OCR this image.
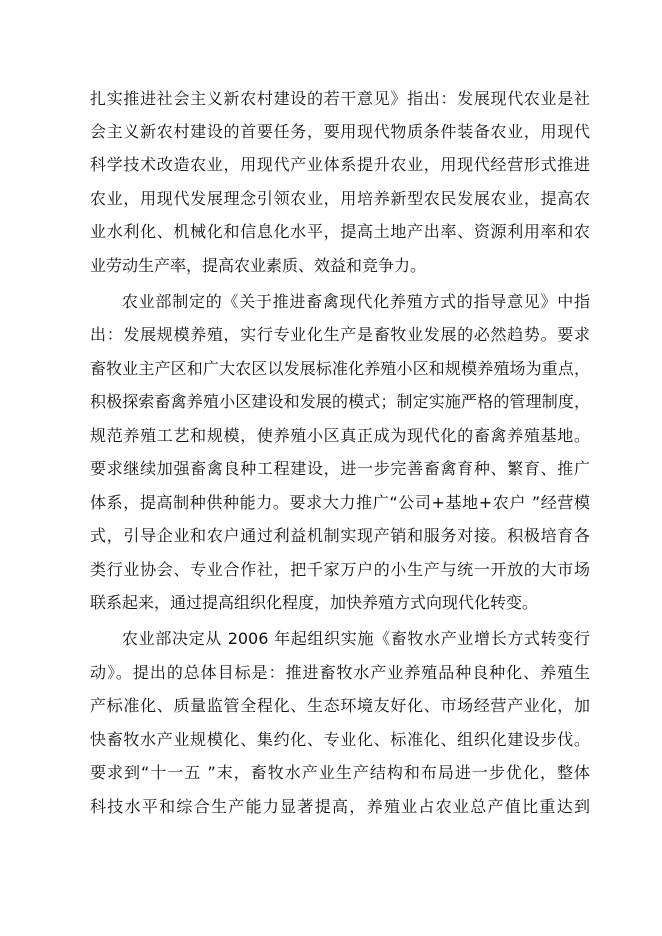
扎实推进社会主义新农村建设的若干意见》指出：发展现代农业是社
会主义新农村建设的首要任务，要用现代物质条件装备农业，用现代
科学技术改造农业，用现代产业体系提升农业，用现代经营形式推进
农业，用现代发展理念引领农业，用培养新型农民发展农业，提高农
业水利化、机械化和信息化水平，提高土地产出率、资源利用率和农
业劳动生产率，提高农业素质、效益和竞争力。
农业部制定的《关于推进畜禽现代化养殖方式的指导意见》中指
出：发展规模养殖，实行专业化生产是畜牧业发展的必然趋势。要求
畜牧业主产区和广大农区以发展标准化养殖小区和规模养殖场为重点，
积极探索畜禽养殖小区建设和发展的模式；制定实施严格的管理制度，
规范养殖工艺和规模，使养殖小区真正成为现代化的畜禽养殖基地。
要求继续加强畜禽良种工程建设，进一步完善畜禽育种、繁育、推广
体系，提高制种供种能力。要求大力推广“公司+基地+农户 ”经营模
式，引导企业和农户通过利益机制实现产销和服务对接。积极培育各
类行业协会、专业合作社，把千家万户的小生产与统一开放的大市场
联系起来，通过提高组织化程度，加快养殖方式向现代化转变。
农业部决定从 2006 年起组织实施《畜牧水产业增长方式转变行
动》。提出的总体目标是：推进畜牧水产业养殖品种良种化、养殖生
产标准化、质量监管全程化、生态环境友好化、市场经营产业化，加
快畜牧水产业规模化、集约化、专业化、标准化、组织化建设步伐。
要求到“十一五 ”末，畜牧水产业生产结构和布局进一步优化，整体
科技水平和综合生产能力显著提高，养殖业占农业总产值比重达到
